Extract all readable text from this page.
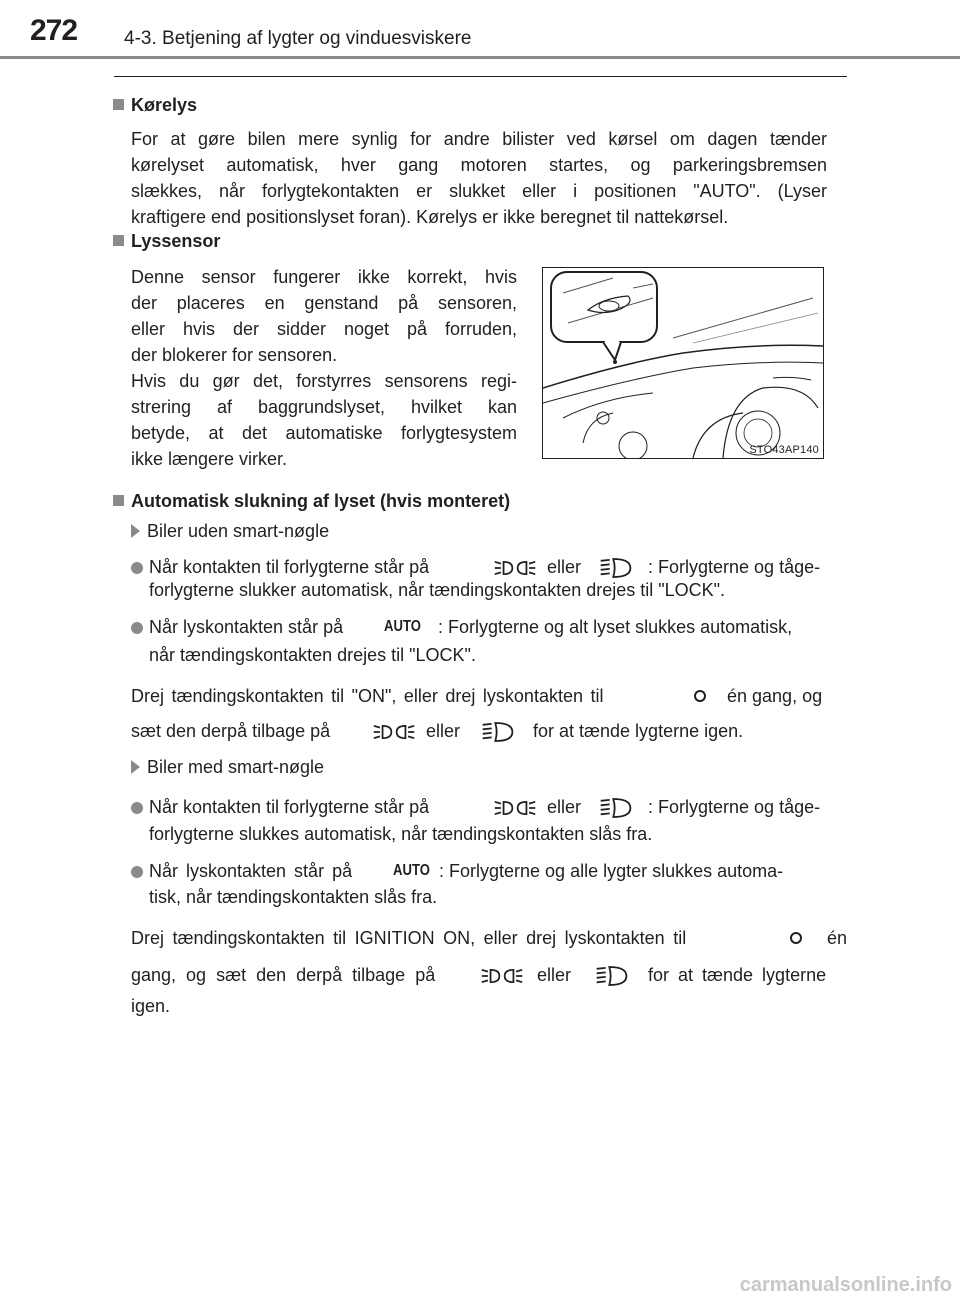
272 4-3. Betjening af lygter og vinduesviskere
Kørelys
For at gøre bilen mere synlig for andre bilister ved kørsel om dagen tænder
kørelyset automatisk, hver gang motoren startes, og parkeringsbremsen
slækkes, når forlygtekontakten er slukket eller i positionen "AUTO". (Lyser
kraftigere end positionslyset foran). Kørelys er ikke beregnet til nattekørsel.
Lyssensor
Denne sensor fungerer ikke korrekt, hvis
der placeres en genstand på sensoren,
eller hvis der sidder noget på forruden,
der blokerer for sensoren.
Hvis du gør det, forstyrres sensorens regi-
strering af baggrundslyset, hvilket kan
betyde, at det automatiske forlygtesystem
ikke længere virker.	STO43AP140
Automatisk slukning af lyset (hvis monteret)
Biler uden smart-nøgle
Når kontakten til forlygterne står på	eller	: Forlygterne og tåge-
forlygterne slukker automatisk, når tændingskontakten drejes til "LOCK".
Når lyskontakten står på	AUTO : Forlygterne og alt lyset slukkes automatisk,
når tændingskontakten drejes til "LOCK".
Drej tændingskontakten til "ON", eller drej lyskontakten til	én gang, og
sæt den derpå tilbage på	eller	for at tænde lygterne igen.
Biler med smart-nøgle
Når kontakten til forlygterne står på	eller	: Forlygterne og tåge-
forlygterne slukkes automatisk, når tændingskontakten slås fra.
Når lyskontakten står på	AUTO : Forlygterne og alle lygter slukkes automa-
tisk, når tændingskontakten slås fra.
Drej tændingskontakten til IGNITION ON, eller drej lyskontakten til	én
gang, og sæt den derpå tilbage på	eller	for at tænde lygterne
igen.
carmanualsonline.info
